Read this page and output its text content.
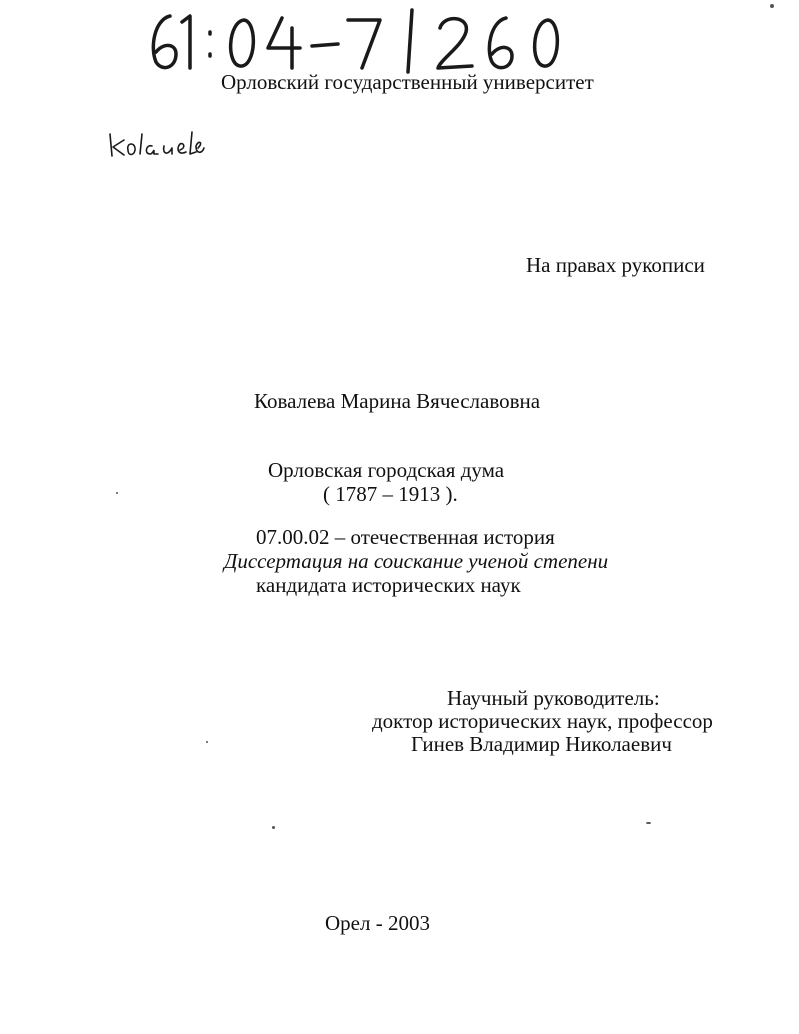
61: 04-7/260
Орловский государственный университет
На правах рукописи
Ковалева Марина Вячеславовна
Орловская городская дума
( 1787 – 1913 ).
07.00.02 – отечественная история
Диссертация на соискание ученой степени
кандидата исторических наук
Научный руководитель:
доктор исторических наук, профессор
Гинев Владимир Николаевич
Орел - 2003
